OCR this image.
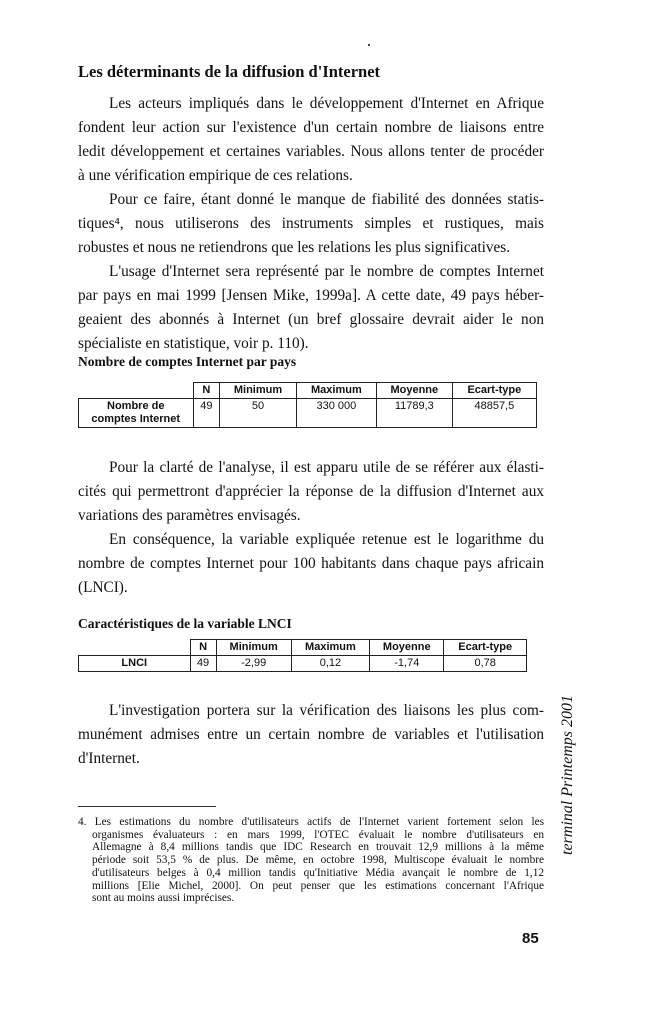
Les déterminants de la diffusion d'Internet
Les acteurs impliqués dans le développement d'Internet en Afrique
fondent leur action sur l'existence d'un certain nombre de liaisons entre
ledit développement et certaines variables. Nous allons tenter de procéder
à une vérification empirique de ces relations.
Pour ce faire, étant donné le manque de fiabilité des données statis-
tiques⁴, nous utiliserons des instruments simples et rustiques, mais
robustes et nous ne retiendrons que les relations les plus significatives.
L'usage d'Internet sera représenté par le nombre de comptes Internet
par pays en mai 1999 [Jensen Mike, 1999a]. A cette date, 49 pays héber-
geaient des abonnés à Internet (un bref glossaire devrait aider le non
spécialiste en statistique, voir p. 110).
Nombre de comptes Internet par pays
	N	Minimum	Maximum	Moyenne	Ecart-type
Nombre de
comptes Internet	49	50	330 000	11789,3	48857,5
Pour la clarté de l'analyse, il est apparu utile de se référer aux élasti-
cités qui permettront d'apprécier la réponse de la diffusion d'Internet aux
variations des paramètres envisagés.
En conséquence, la variable expliquée retenue est le logarithme du
nombre de comptes Internet pour 100 habitants dans chaque pays africain
(LNCI).
Caractéristiques de la variable LNCI
	N	Minimum	Maximum	Moyenne	Ecart-type
LNCI	49	-2,99	0,12	-1,74	0,78
L'investigation portera sur la vérification des liaisons les plus com-
munément admises entre un certain nombre de variables et l'utilisation
d'Internet.
4. Les estimations du nombre d'utilisateurs actifs de l'Internet varient fortement selon les
organismes évaluateurs : en mars 1999, l'OTEC évaluait le nombre d'utilisateurs en
Allemagne à 8,4 millions tandis que IDC Research en trouvait 12,9 millions à la même
période soit 53,5 % de plus. De même, en octobre 1998, Multiscope évaluait le nombre
d'utilisateurs belges à 0,4 million tandis qu'Initiative Média avançait le nombre de 1,12
millions [Elie Michel, 2000]. On peut penser que les estimations concernant l'Afrique
sont au moins aussi imprécises.
85
terminal Printemps 2001
